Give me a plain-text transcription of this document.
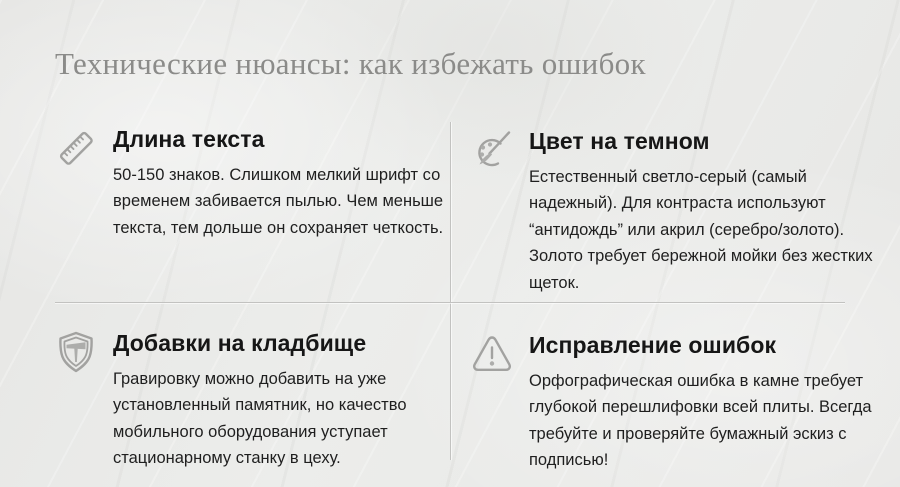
Технические нюансы: как избежать ошибок
Длина текста

50-150 знаков. Слишком мелкий шрифт со временем забивается пылью. Чем меньше текста, тем дольше он сохраняет четкость.

Цвет на темном

Естественный светло-серый (самый надежный). Для контраста используют “антидождь” или акрил (серебро/золото). Золото требует бережной мойки без жестких щеток.

Добавки на кладбище

Гравировку можно добавить на уже установленный памятник, но качество мобильного оборудования уступает стационарному станку в цеху.

Исправление ошибок

Орфографическая ошибка в камне требует глубокой перешлифовки всей плиты. Всегда требуйте и проверяйте бумажный эскиз с подписью!
